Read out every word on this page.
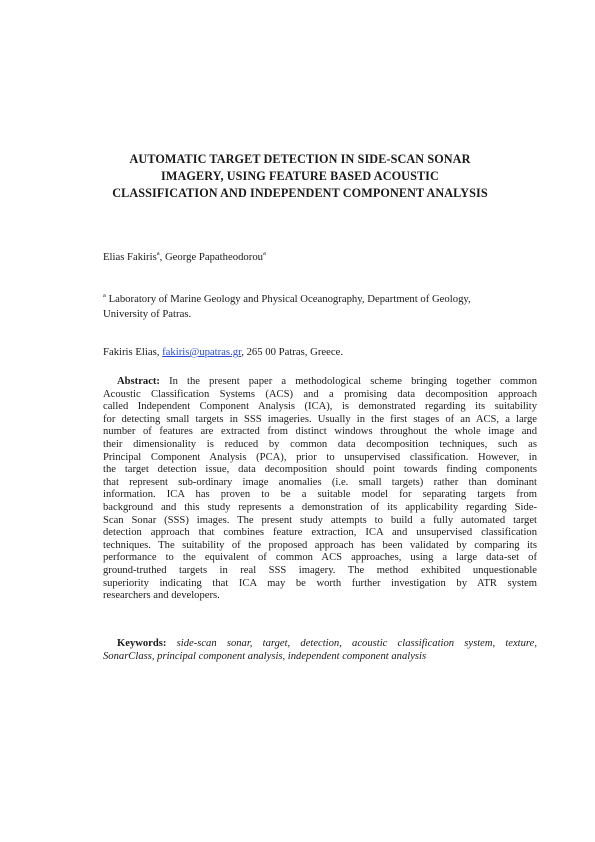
AUTOMATIC TARGET DETECTION IN SIDE-SCAN SONAR
IMAGERY, USING FEATURE BASED ACOUSTIC
CLASSIFICATION AND INDEPENDENT COMPONENT ANALYSIS
Elias Fakiris$^a$, George Papatheodorou$^a$
$^a$ Laboratory of Marine Geology and Physical Oceanography, Department of Geology,
University of Patras.
Fakiris Elias, fakiris@upatras.gr, 265 00 Patras, Greece.
Abstract: In the present paper a methodological scheme bringing together common
Acoustic Classification Systems (ACS) and a promising data decomposition approach
called Independent Component Analysis (ICA), is demonstrated regarding its suitability
for detecting small targets in SSS imageries. Usually in the first stages of an ACS, a large
number of features are extracted from distinct windows throughout the whole image and
their dimensionality is reduced by common data decomposition techniques, such as
Principal Component Analysis (PCA), prior to unsupervised classification. However, in
the target detection issue, data decomposition should point towards finding components
that represent sub-ordinary image anomalies (i.e. small targets) rather than dominant
information. ICA has proven to be a suitable model for separating targets from
background and this study represents a demonstration of its applicability regarding Side-
Scan Sonar (SSS) images. The present study attempts to build a fully automated target
detection approach that combines feature extraction, ICA and unsupervised classification
techniques. The suitability of the proposed approach has been validated by comparing its
performance to the equivalent of common ACS approaches, using a large data-set of
ground-truthed targets in real SSS imagery. The method exhibited unquestionable
superiority indicating that ICA may be worth further investigation by ATR system
researchers and developers.
Keywords: side-scan sonar, target, detection, acoustic classification system, texture,
SonarClass, principal component analysis, independent component analysis
